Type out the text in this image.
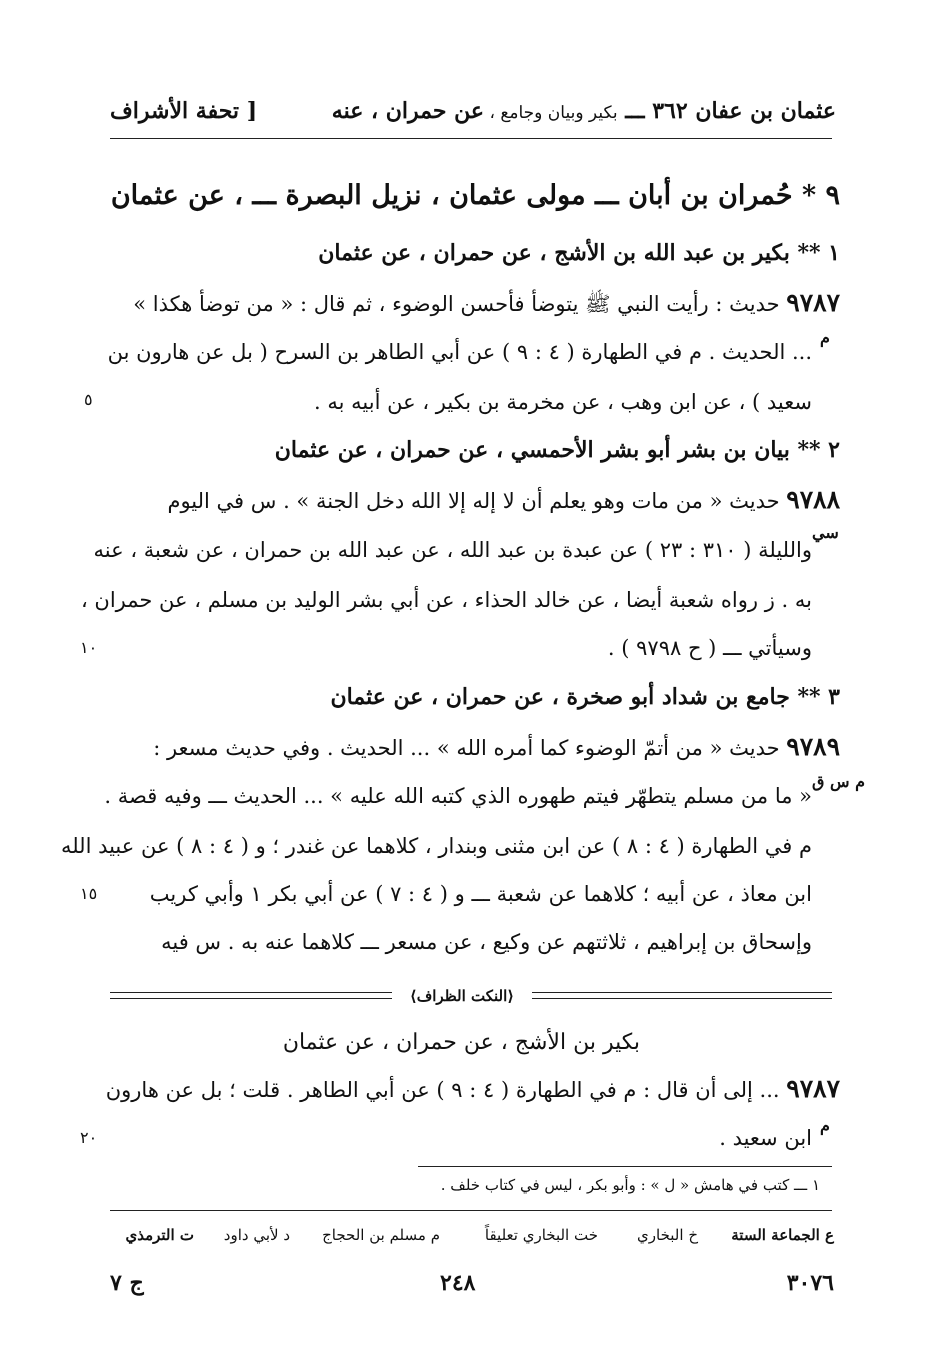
عثمان بن عفان ٣٦٢ ـــ بكير وبيان وجامع ، عن حمران ، عنه
[ تحفة الأشراف
٩ * حُمران بن أبان ـــ مولى عثمان ، نزيل البصرة ـــ ، عن عثمان
١ ** بكير بن عبد الله بن الأشج ، عن حمران ، عن عثمان
٩٧٨٧ حديث : رأيت النبي ﷺ يتوضأ فأحسن الوضوء ، ثم قال : « من توضأ هكذا »
م
... الحديث . م في الطهارة ( ٤ : ٩ ) عن أبي الطاهر بن السرح ( بل عن هارون بن
سعيد ) ، عن ابن وهب ، عن مخرمة بن بكير ، عن أبيه به .
٥
٢ ** بيان بن بشر أبو بشر الأحمسي ، عن حمران ، عن عثمان
٩٧٨٨ حديث « من مات وهو يعلم أن لا إله إلا الله دخل الجنة » . س في اليوم
سي
والليلة ( ٣١٠ : ٢٣ ) عن عبدة بن عبد الله ، عن عبد الله بن حمران ، عن شعبة ، عنه
به . ز رواه شعبة أيضا ، عن خالد الحذاء ، عن أبي بشر الوليد بن مسلم ، عن حمران ،
وسيأتي ـــ ( ح ٩٧٩٨ ) .
١٠
٣ ** جامع بن شداد أبو صخرة ، عن حمران ، عن عثمان
٩٧٨٩ حديث « من أتمّ الوضوء كما أمره الله » ... الحديث . وفي حديث مسعر :
م س ق
« ما من مسلم يتطهّر فيتم طهوره الذي كتبه الله عليه » ... الحديث ـــ وفيه قصة .
م في الطهارة ( ٤ : ٨ ) عن ابن مثنى وبندار ، كلاهما عن غندر ؛ و ( ٤ : ٨ ) عن عبيد الله
ابن معاذ ، عن أبيه ؛ كلاهما عن شعبة ـــ و ( ٤ : ٧ ) عن أبي بكر ١ وأبي كريب
١٥
وإسحاق بن إبراهيم ، ثلاثتهم عن وكيع ، عن مسعر ـــ كلاهما عنه به . س فيه
⟨النكت الظراف⟩
بكير بن الأشج ، عن حمران ، عن عثمان
٩٧٨٧ ... إلى أن قال : م في الطهارة ( ٤ : ٩ ) عن أبي الطاهر . قلت ؛ بل عن هارون
م
ابن سعيد .
٢٠
١ ـــ كتب في هامش « ل » : وأبو بكر ، ليس في كتاب خلف .
ع الجماعة الستة
خ البخاري
خت البخاري تعليقاً
م مسلم بن الحجاج
د لأبي داود
ت الترمذي
٣٠٧٦
٢٤٨
ج ٧
